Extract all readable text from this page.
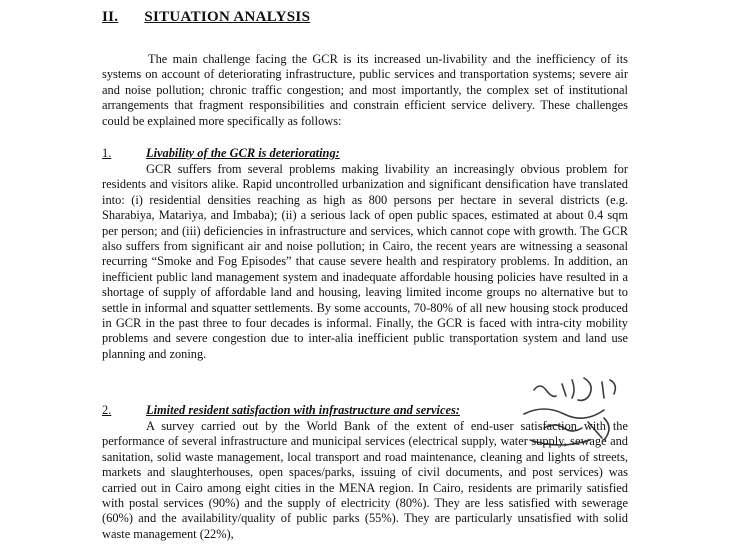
II. SITUATION ANALYSIS
The main challenge facing the GCR is its increased un-livability and the inefficiency of its systems on account of deteriorating infrastructure, public services and transportation systems; severe air and noise pollution; chronic traffic congestion; and most importantly, the complex set of institutional arrangements that fragment responsibilities and constrain efficient service delivery. These challenges could be explained more specifically as follows:
1.	Livability of the GCR is deteriorating:
GCR suffers from several problems making livability an increasingly obvious problem for residents and visitors alike. Rapid uncontrolled urbanization and significant densification have translated into: (i) residential densities reaching as high as 800 persons per hectare in several districts (e.g. Sharabiya, Matariya, and Imbaba); (ii) a serious lack of open public spaces, estimated at about 0.4 sqm per person; and (iii) deficiencies in infrastructure and services, which cannot cope with growth. The GCR also suffers from significant air and noise pollution; in Cairo, the recent years are witnessing a seasonal recurring “Smoke and Fog Episodes” that cause severe health and respiratory problems. In addition, an inefficient public land management system and inadequate affordable housing policies have resulted in a shortage of supply of affordable land and housing, leaving limited income groups no alternative but to settle in informal and squatter settlements. By some accounts, 70-80% of all new housing stock produced in GCR in the past three to four decades is informal. Finally, the GCR is faced with intra-city mobility problems and severe congestion due to inter-alia inefficient public transportation system and land use planning and zoning.
2.	Limited resident satisfaction with infrastructure and services:
A survey carried out by the World Bank of the extent of end-user satisfaction with the performance of several infrastructure and municipal services (electrical supply, water supply, sewage and sanitation, solid waste management, local transport and road maintenance, cleaning and lights of streets, markets and slaughterhouses, open spaces/parks, issuing of civil documents, and post services) was carried out in Cairo among eight cities in the MENA region. In Cairo, residents are primarily satisfied with postal services (90%) and the supply of electricity (80%). They are less satisfied with sewerage (60%) and the availability/quality of public parks (55%). They are particularly unsatisfied with solid waste management (22%),
